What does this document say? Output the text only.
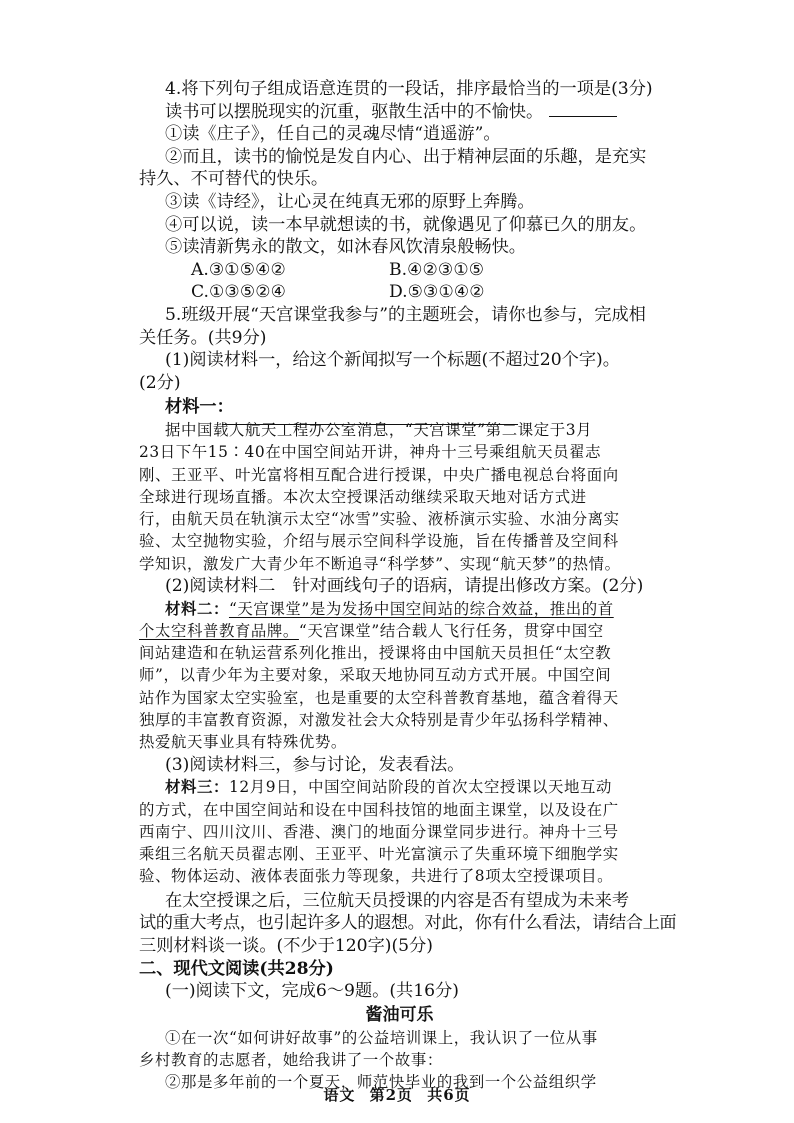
4.将下列句子组成语意连贯的一段话，排序最恰当的一项是(3分)
读书可以摆脱现实的沉重，驱散生活中的不愉快。
①读《庄子》，任自己的灵魂尽情“逍遥游”。
②而且，读书的愉悦是发自内心、出于精神层面的乐趣，是充实
持久、不可替代的快乐。
③读《诗经》，让心灵在纯真无邪的原野上奔腾。
④可以说，读一本早就想读的书，就像遇见了仰慕已久的朋友。
⑤读清新隽永的散文，如沐春风饮清泉般畅快。
A.③①⑤④②	B.④②③①⑤
C.①③⑤②④	D.⑤③①④②
5.班级开展“天宫课堂我参与”的主题班会，请你也参与，完成相
关任务。(共9分)
(1)阅读材料一，给这个新闻拟写一个标题(不超过20个字)。
(2分)
材料一：
据中国载人航天工程办公室消息，“天宫课堂”第二课定于3月
23日下午15∶40在中国空间站开讲，神舟十三号乘组航天员翟志
刚、王亚平、叶光富将相互配合进行授课，中央广播电视总台将面向
全球进行现场直播。本次太空授课活动继续采取天地对话方式进
行，由航天员在轨演示太空“冰雪”实验、液桥演示实验、水油分离实
验、太空抛物实验，介绍与展示空间科学设施，旨在传播普及空间科
学知识，激发广大青少年不断追寻“科学梦”、实现“航天梦”的热情。
(2)阅读材料二　针对画线句子的语病，请提出修改方案。(2分)
材料二：“天宫课堂”是为发扬中国空间站的综合效益，推出的首
个太空科普教育品牌。“天宫课堂”结合载人飞行任务，贯穿中国空
间站建造和在轨运营系列化推出，授课将由中国航天员担任“太空教
师”，以青少年为主要对象，采取天地协同互动方式开展。中国空间
站作为国家太空实验室，也是重要的太空科普教育基地，蕴含着得天
独厚的丰富教育资源，对激发社会大众特别是青少年弘扬科学精神、
热爱航天事业具有特殊优势。
(3)阅读材料三，参与讨论，发表看法。
材料三：12月9日，中国空间站阶段的首次太空授课以天地互动
的方式，在中国空间站和设在中国科技馆的地面主课堂，以及设在广
西南宁、四川汶川、香港、澳门的地面分课堂同步进行。神舟十三号
乘组三名航天员翟志刚、王亚平、叶光富演示了失重环境下细胞学实
验、物体运动、液体表面张力等现象，共进行了8项太空授课项目。
在太空授课之后，三位航天员授课的内容是否有望成为未来考
试的重大考点，也引起许多人的遐想。对此，你有什么看法，请结合上面
三则材料谈一谈。(不少于120字)(5分)
二、现代文阅读(共28分)
(一)阅读下文，完成6～9题。(共16分)
酱油可乐
①在一次“如何讲好故事”的公益培训课上，我认识了一位从事
乡村教育的志愿者，她给我讲了一个故事：
②那是多年前的一个夏天，师范快毕业的我到一个公益组织学
语文 第2页 共6页
